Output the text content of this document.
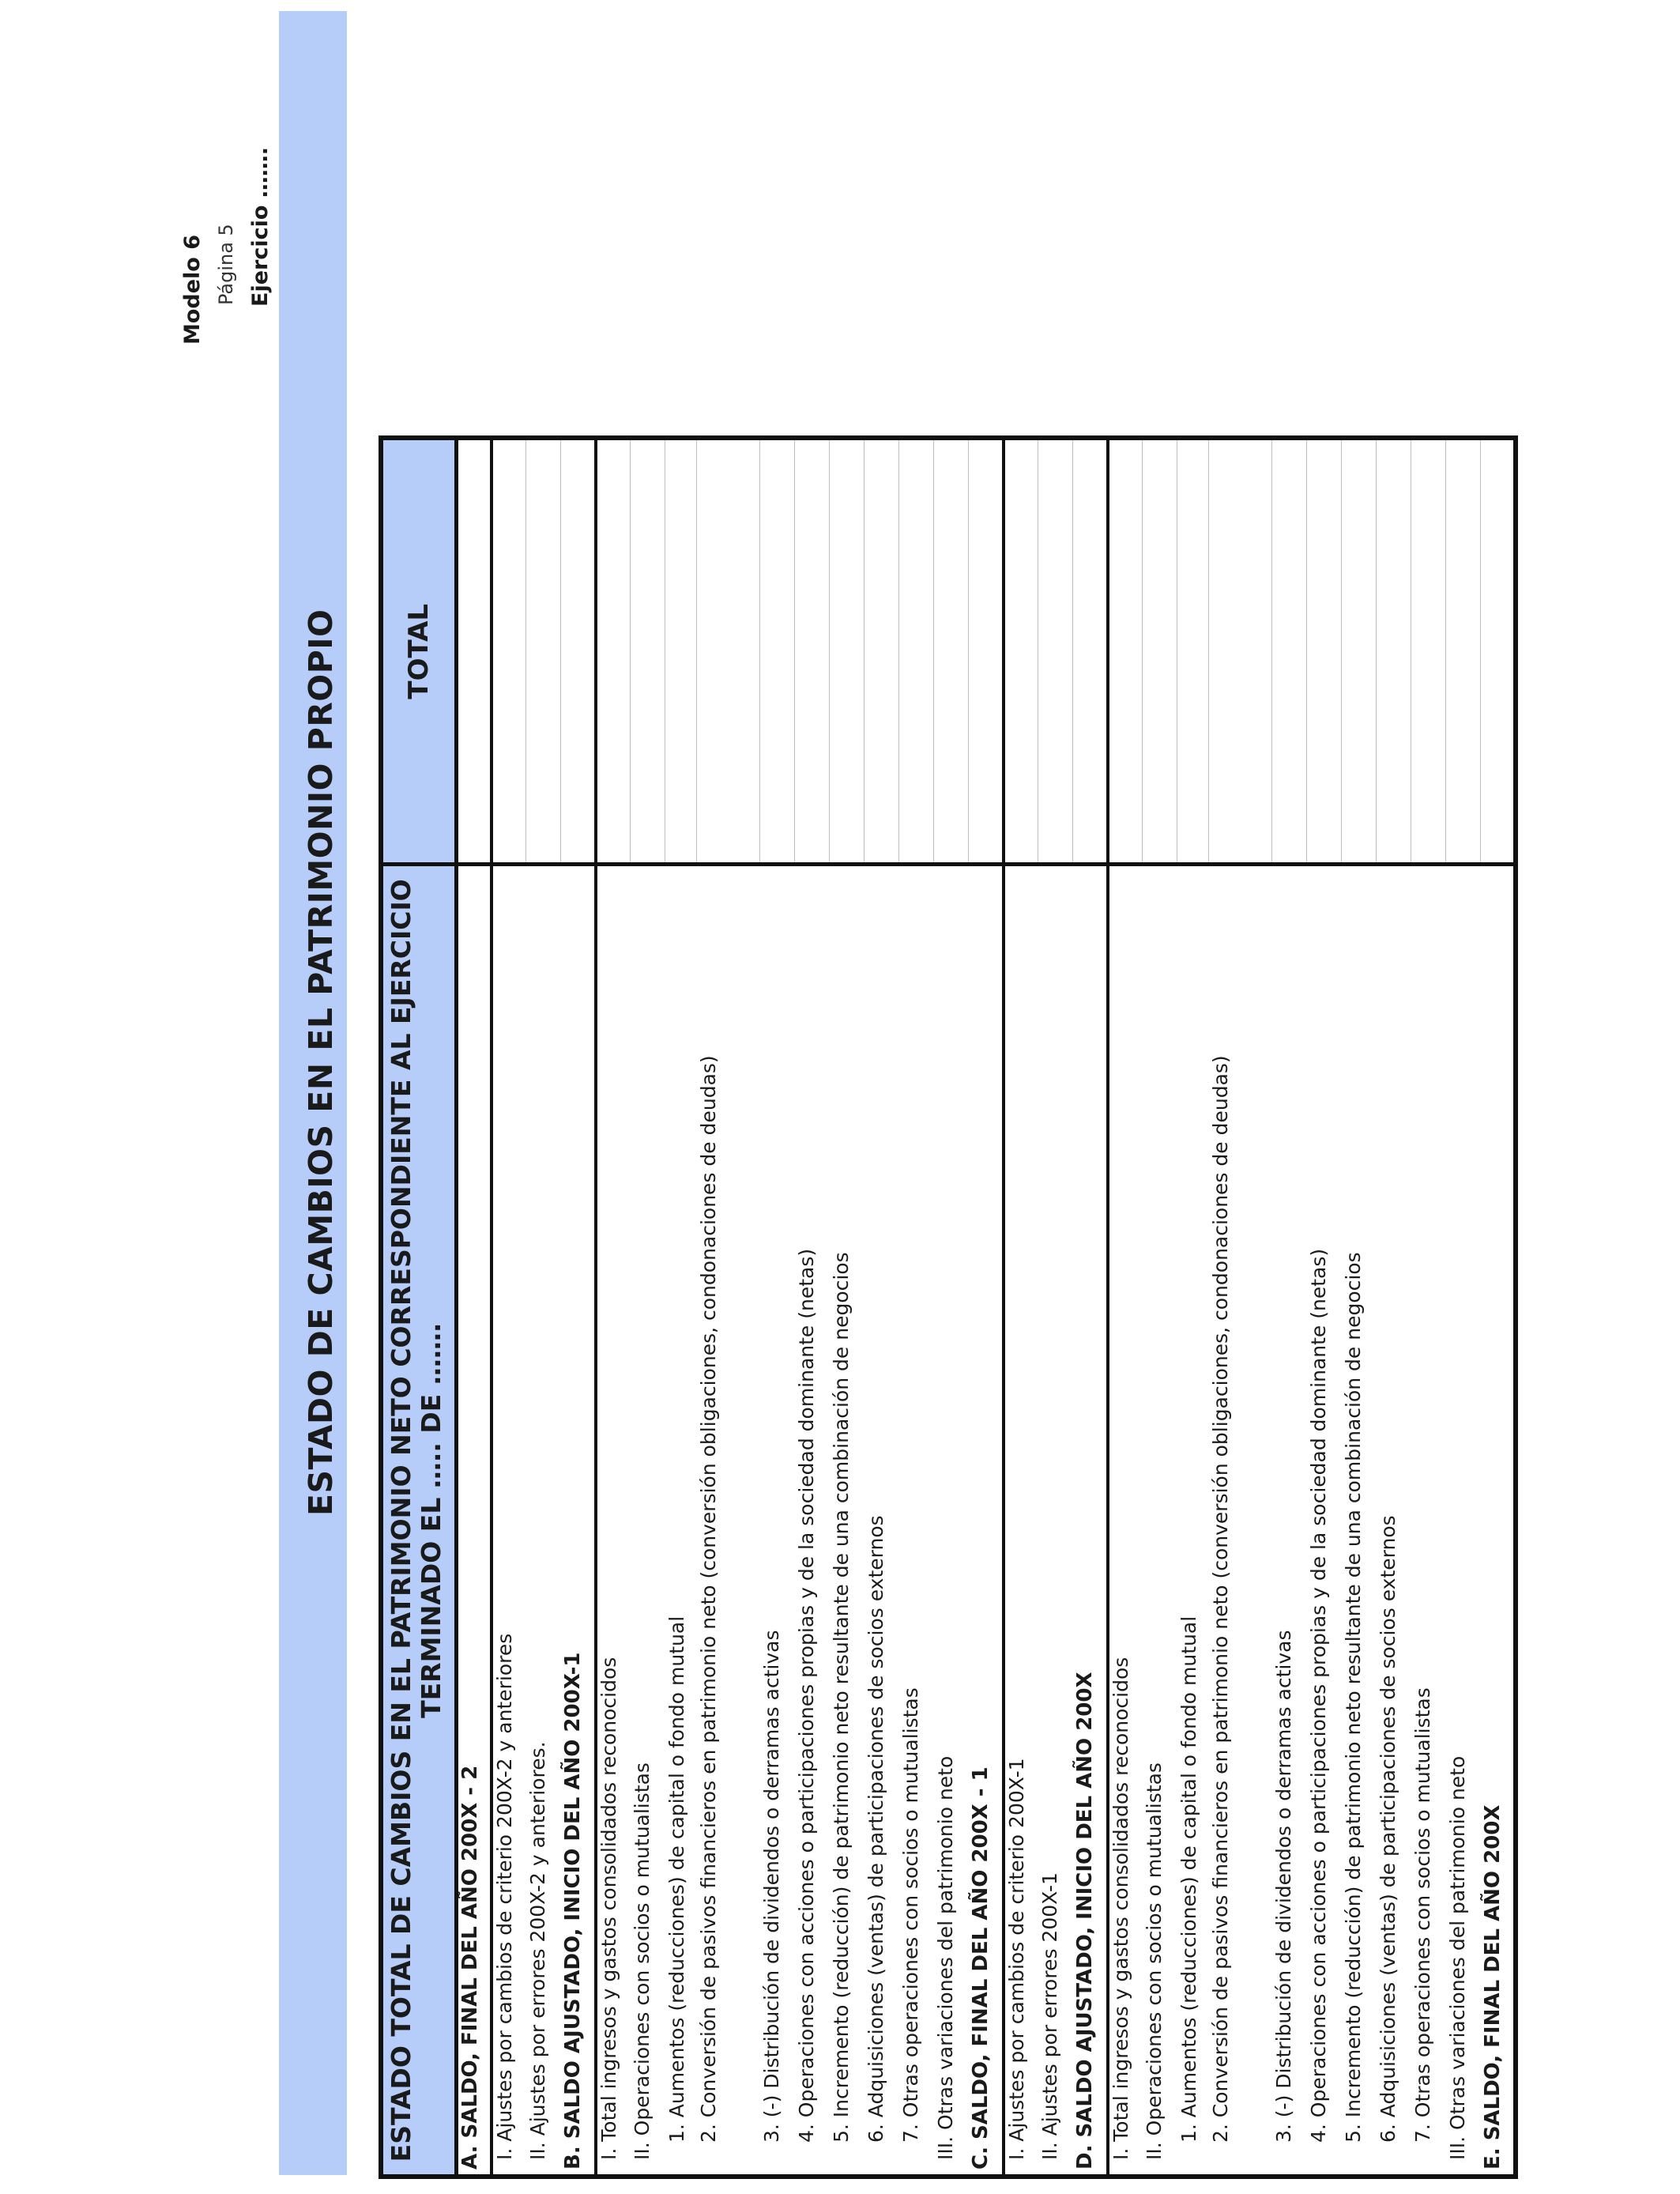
Modelo 6 Página 5 Ejercicio …….
ESTADO DE CAMBIOS EN EL PATRIMONIO PROPIO ESTADO TOTAL DE CAMBIOS EN EL PATRIMONIO NETO CORRESPONDIENTE AL EJERCICIO TERMINADO EL ….. DE …….	TOTAL
A. SALDO, FINAL DEL AÑO 200X - 2	
I. Ajustes por cambios de criterio 200X-2 y anteriores	
II. Ajustes por errores 200X-2 y anteriores.	
B. SALDO AJUSTADO, INICIO DEL AÑO 200X-1	
I. Total ingresos y gastos consolidados reconocidos	
II. Operaciones con socios o mutualistas	
1. Aumentos (reducciones) de capital o fondo mutual	
2. Conversión de pasivos financieros en patrimonio neto (conversión obligaciones, condonaciones de deudas)	
3. (-) Distribución de dividendos o derramas activas	
4. Operaciones con acciones o participaciones propias y de la sociedad dominante (netas)	
5. Incremento (reducción) de patrimonio neto resultante de una combinación de negocios	
6. Adquisiciones (ventas) de participaciones de socios externos	
7. Otras operaciones con socios o mutualistas	
III. Otras variaciones del patrimonio neto	
C. SALDO, FINAL DEL AÑO 200X - 1	
I. Ajustes por cambios de criterio 200X-1	
II. Ajustes por errores 200X-1	
D. SALDO AJUSTADO, INICIO DEL AÑO 200X	
I. Total ingresos y gastos consolidados reconocidos	
II. Operaciones con socios o mutualistas	
1. Aumentos (reducciones) de capital o fondo mutual	
2. Conversión de pasivos financieros en patrimonio neto (conversión obligaciones, condonaciones de deudas)	
3. (-) Distribución de dividendos o derramas activas	
4. Operaciones con acciones o participaciones propias y de la sociedad dominante (netas)	
5. Incremento (reducción) de patrimonio neto resultante de una combinación de negocios	
6. Adquisiciones (ventas) de participaciones de socios externos	
7. Otras operaciones con socios o mutualistas	
III. Otras variaciones del patrimonio neto	
E. SALDO, FINAL DEL AÑO 200X	
